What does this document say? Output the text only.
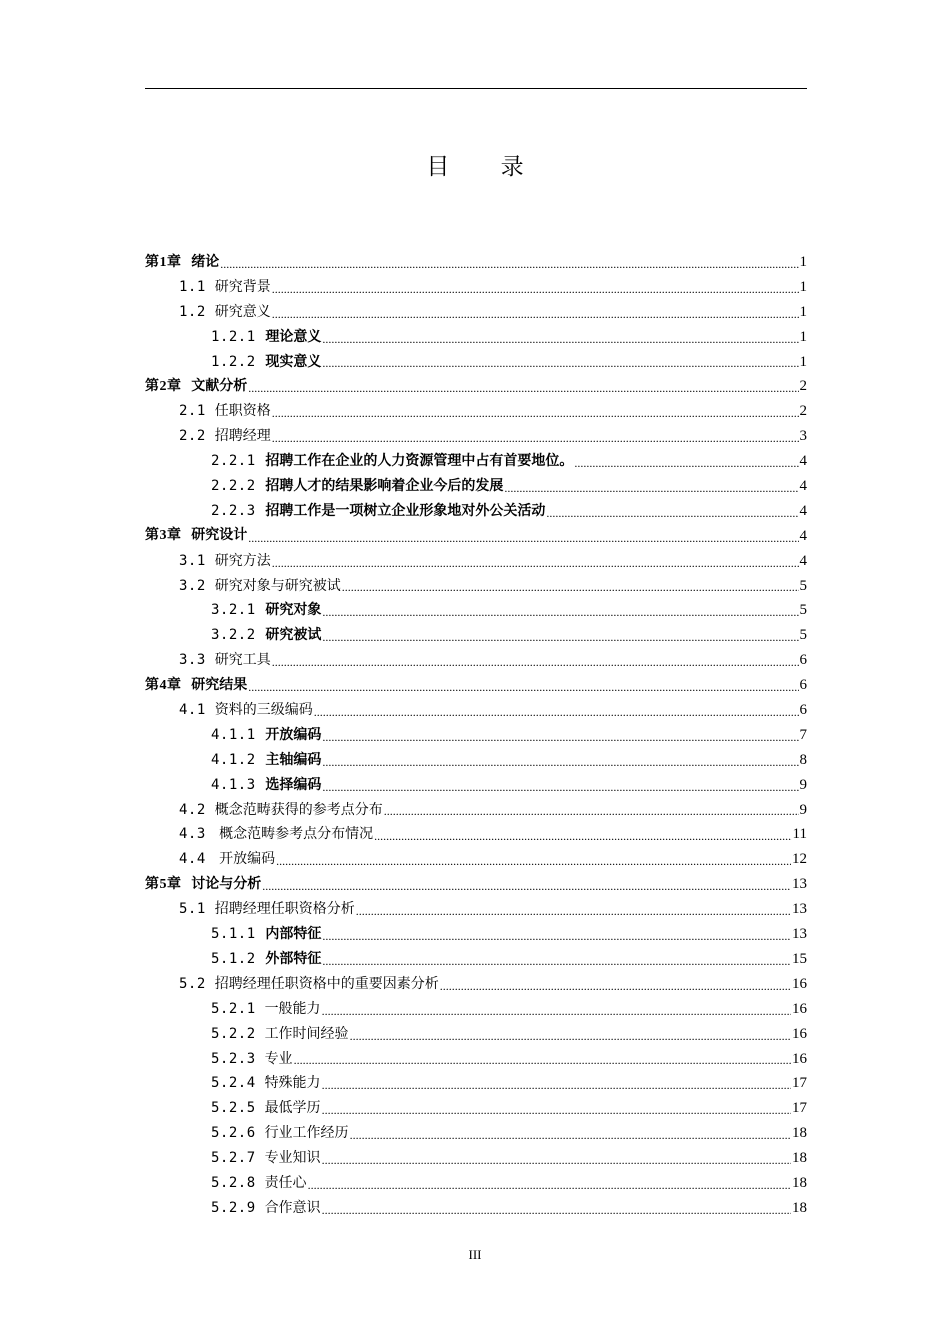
目 录
第1章 绪论 .....	1
1.1 研究背景 .....	1
1.2 研究意义 .....	1
1.2.1 理论意义 .....	1
1.2.2 现实意义 .....	1
第2章 文献分析 .....	2
2.1 任职资格 .....	2
2.2 招聘经理 .....	3
2.2.1 招聘工作在企业的人力资源管理中占有首要地位。 .....	4
2.2.2 招聘人才的结果影响着企业今后的发展 .....	4
2.2.3 招聘工作是一项树立企业形象地对外公关活动 .....	4
第3章 研究设计 .....	4
3.1 研究方法 .....	4
3.2 研究对象与研究被试 .....	5
3.2.1 研究对象 .....	5
3.2.2 研究被试 .....	5
3.3 研究工具 .....	6
第4章 研究结果 .....	6
4.1 资料的三级编码 .....	6
4.1.1 开放编码 .....	7
4.1.2 主轴编码 .....	8
4.1.3 选择编码 .....	9
4.2 概念范畴获得的参考点分布 .....	9
4.3   概念范畴参考点分布情况 .....	11
4.4   开放编码 .....	12
第5章 讨论与分析 .....	13
5.1 招聘经理任职资格分析 .....	13
5.1.1 内部特征 .....	13
5.1.2 外部特征 .....	15
5.2 招聘经理任职资格中的重要因素分析 .....	16
5.2.1 一般能力 .....	16
5.2.2 工作时间经验 .....	16
5.2.3 专业 .....	16
5.2.4 特殊能力 .....	17
5.2.5 最低学历 .....	17
5.2.6 行业工作经历 .....	18
5.2.7 专业知识 .....	18
5.2.8 责任心 .....	18
5.2.9 合作意识 .....	18
III
